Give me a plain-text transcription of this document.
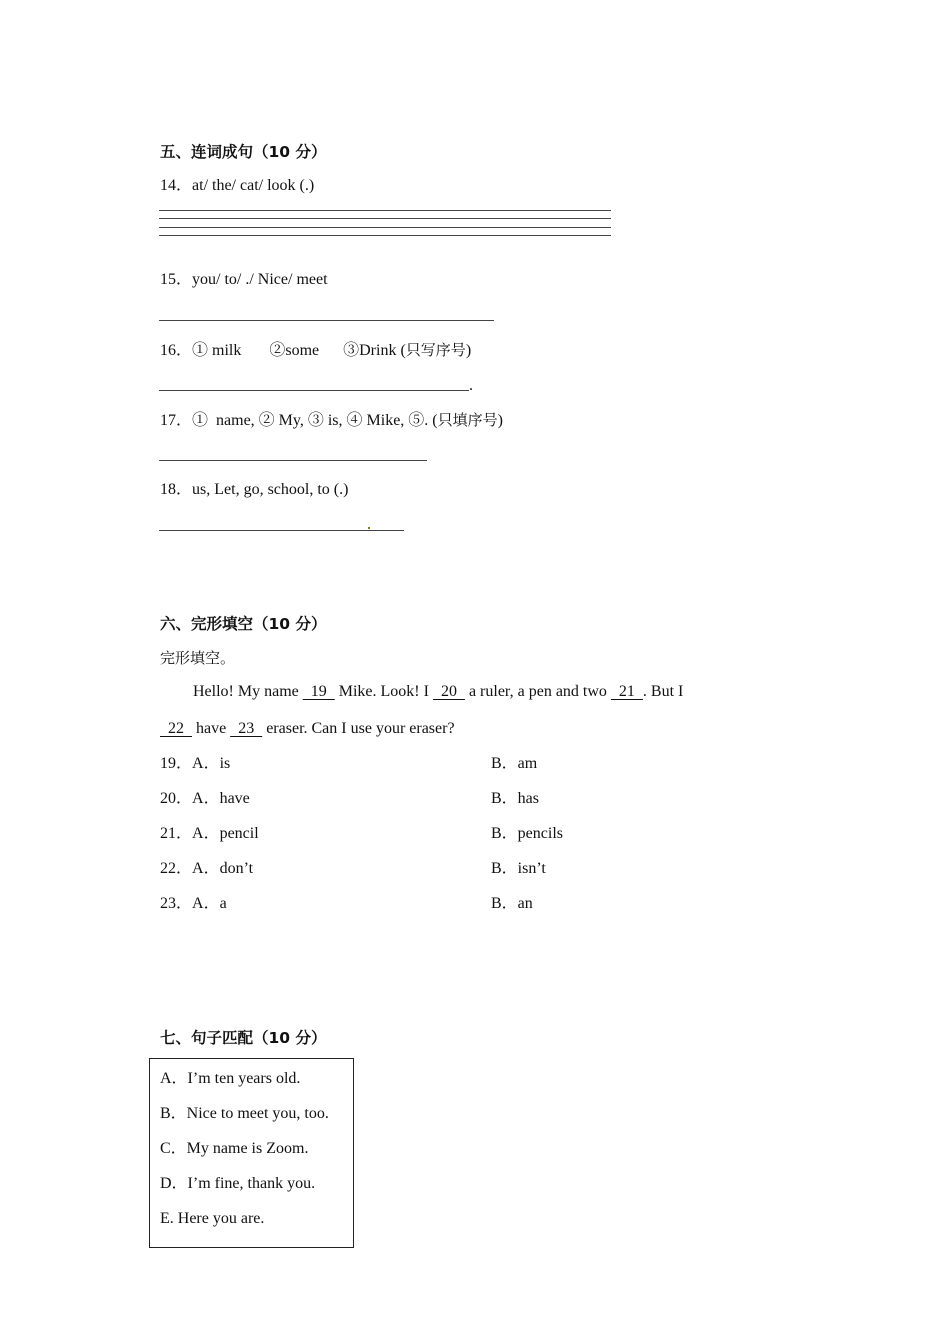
五、连词成句（10 分）
14．at/ the/ cat/ look (.)
15．you/ to/ ./ Nice/ meet
16．① milk       ②some      ③Drink (只写序号)
.
17．①  name, ② My, ③ is, ④ Mike, ⑤. (只填序号)
18．us, Let, go, school, to (.)
六、完形填空（10 分）
完形填空。
Hello! My name   19   Mike. Look! I   20   a ruler, a pen and two   21  . But I
22   have   23   eraser. Can I use your eraser?
19．A．is	B．am
20．A．have	B．has
21．A．pencil	B．pencils
22．A．don’t	B．isn’t
23．A．a	B．an
七、句子匹配（10 分）
A．I’m ten years old.
B．Nice to meet you, too.
C．My name is Zoom.
D．I’m fine, thank you.
E. Here you are.
